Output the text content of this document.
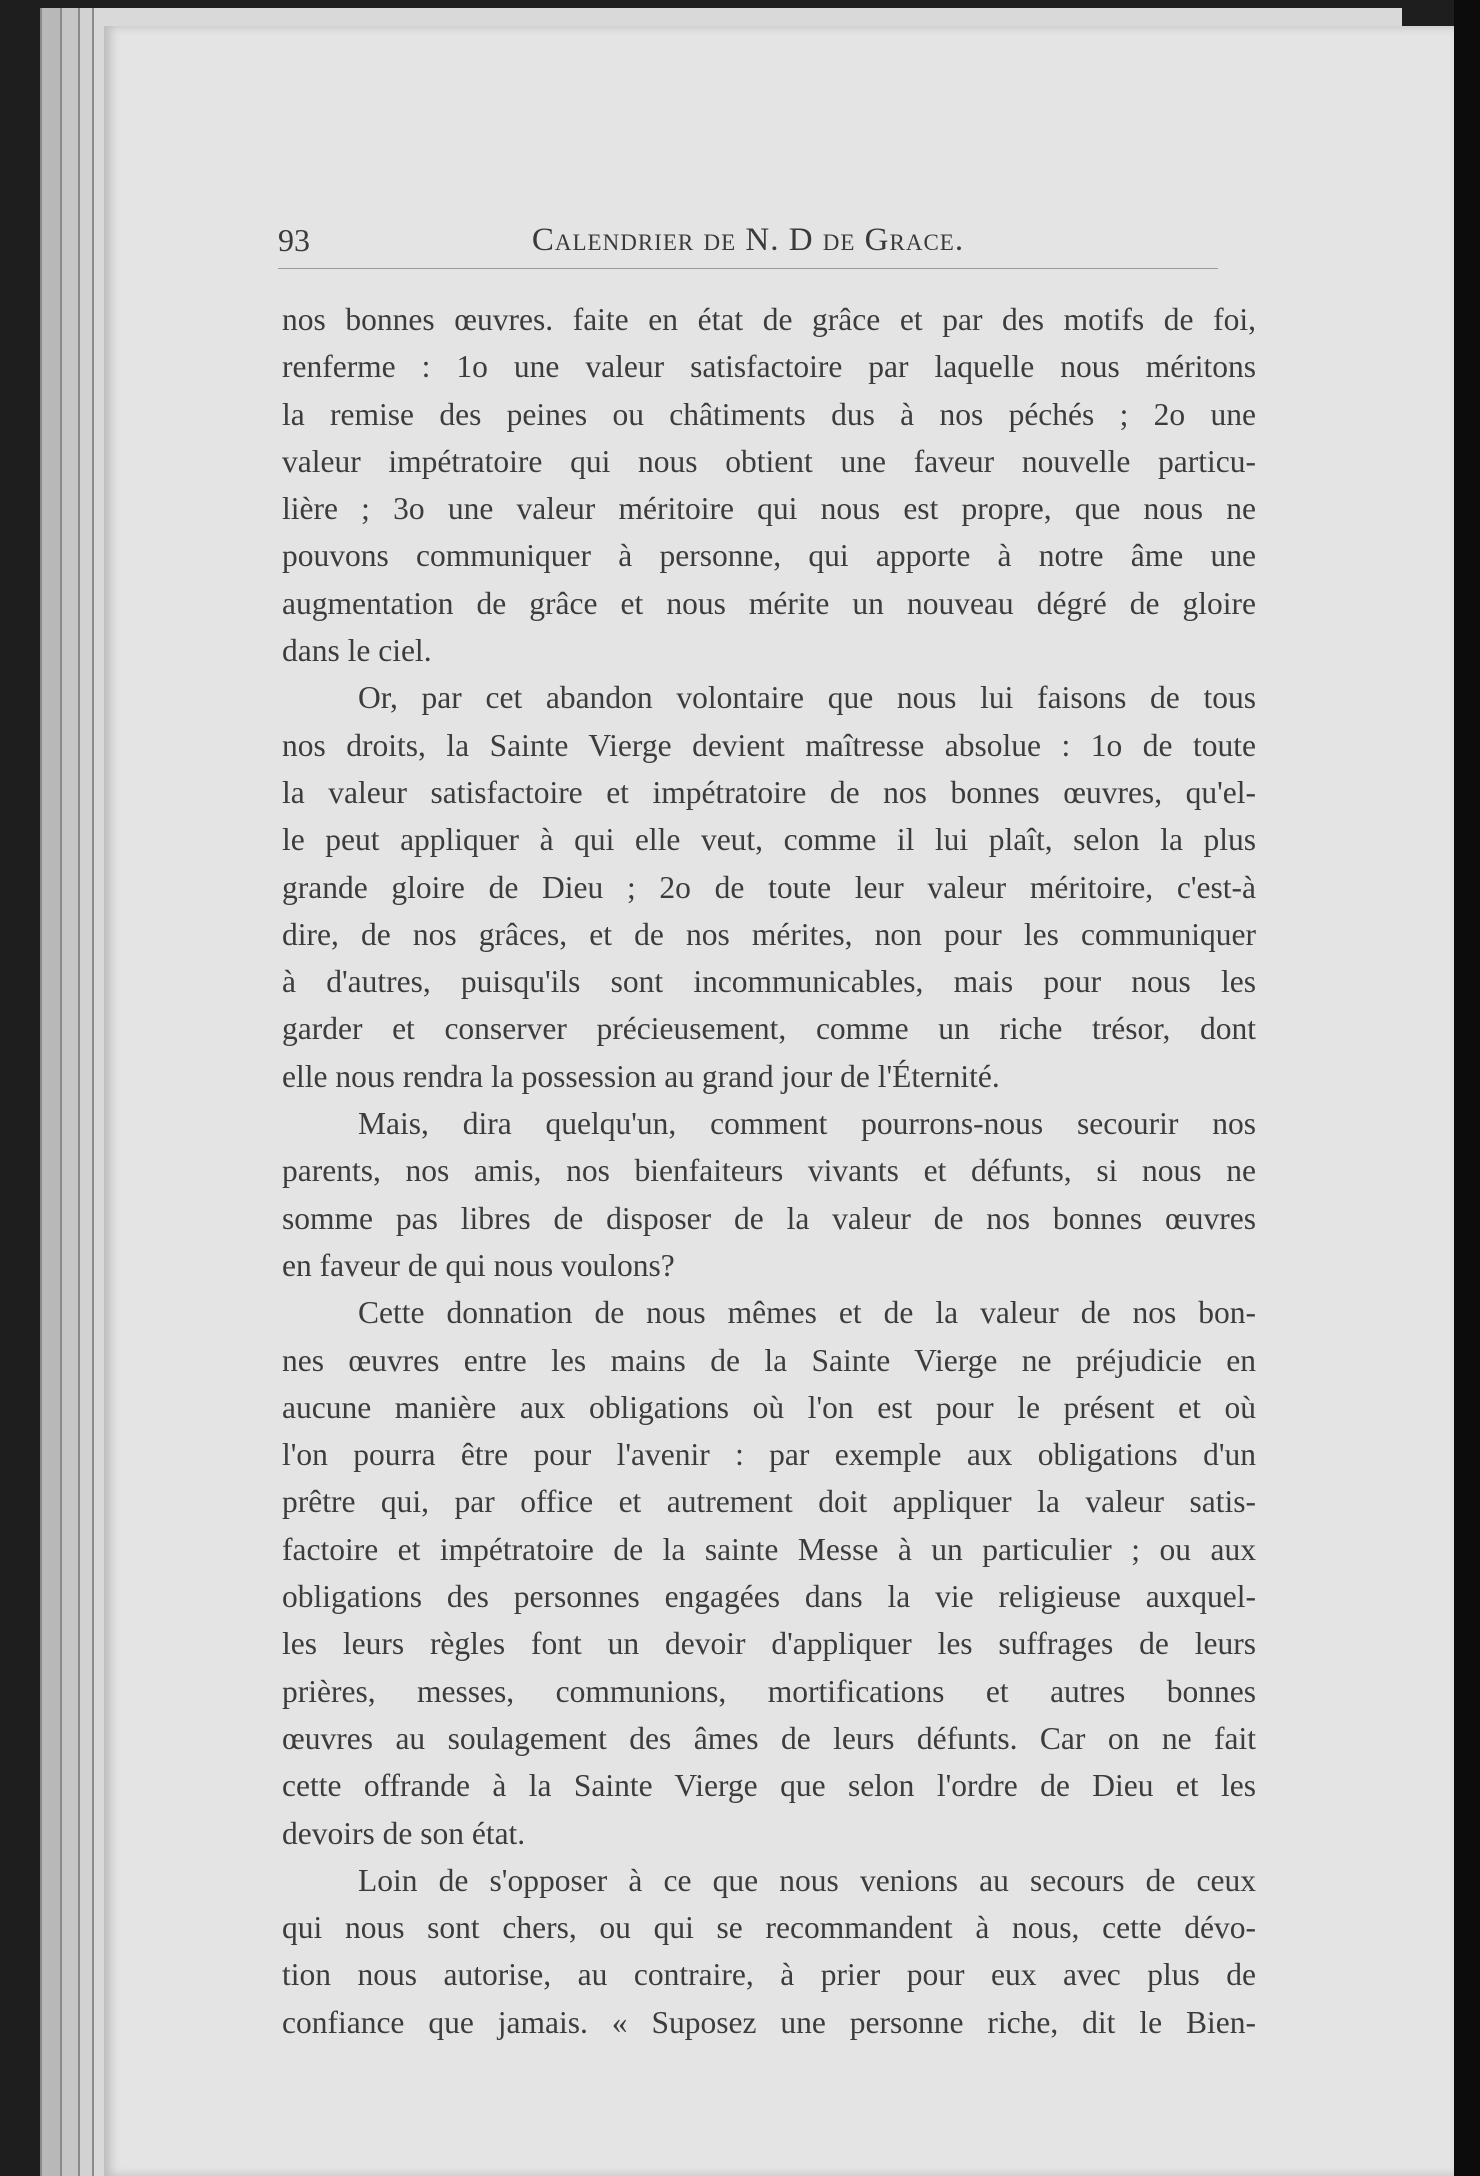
93	Calendrier de N. D de Grace.
nos bonnes œuvres. faite en état de grâce et par des motifs de foi,
renferme : 1o une valeur satisfactoire par laquelle nous méritons
la remise des peines ou châtiments dus à nos péchés ; 2o une
valeur impétratoire qui nous obtient une faveur nouvelle particu-
lière ; 3o une valeur méritoire qui nous est propre, que nous ne
pouvons communiquer à personne, qui apporte à notre âme une
augmentation de grâce et nous mérite un nouveau dégré de gloire
dans le ciel.
Or, par cet abandon volontaire que nous lui faisons de tous
nos droits, la Sainte Vierge devient maîtresse absolue : 1o de toute
la valeur satisfactoire et impétratoire de nos bonnes œuvres, qu'el-
le peut appliquer à qui elle veut, comme il lui plaît, selon la plus
grande gloire de Dieu ; 2o de toute leur valeur méritoire, c'est-à
dire, de nos grâces, et de nos mérites, non pour les communiquer
à d'autres, puisqu'ils sont incommunicables, mais pour nous les
garder et conserver précieusement, comme un riche trésor, dont
elle nous rendra la possession au grand jour de l'Éternité.
Mais, dira quelqu'un, comment pourrons-nous secourir nos
parents, nos amis, nos bienfaiteurs vivants et défunts, si nous ne
somme pas libres de disposer de la valeur de nos bonnes œuvres
en faveur de qui nous voulons?
Cette donnation de nous mêmes et de la valeur de nos bon-
nes œuvres entre les mains de la Sainte Vierge ne préjudicie en
aucune manière aux obligations où l'on est pour le présent et où
l'on pourra être pour l'avenir : par exemple aux obligations d'un
prêtre qui, par office et autrement doit appliquer la valeur satis-
factoire et impétratoire de la sainte Messe à un particulier ; ou aux
obligations des personnes engagées dans la vie religieuse auxquel-
les leurs règles font un devoir d'appliquer les suffrages de leurs
prières, messes, communions, mortifications et autres bonnes
œuvres au soulagement des âmes de leurs défunts. Car on ne fait
cette offrande à la Sainte Vierge que selon l'ordre de Dieu et les
devoirs de son état.
Loin de s'opposer à ce que nous venions au secours de ceux
qui nous sont chers, ou qui se recommandent à nous, cette dévo-
tion nous autorise, au contraire, à prier pour eux avec plus de
confiance que jamais. « Suposez une personne riche, dit le Bien-
